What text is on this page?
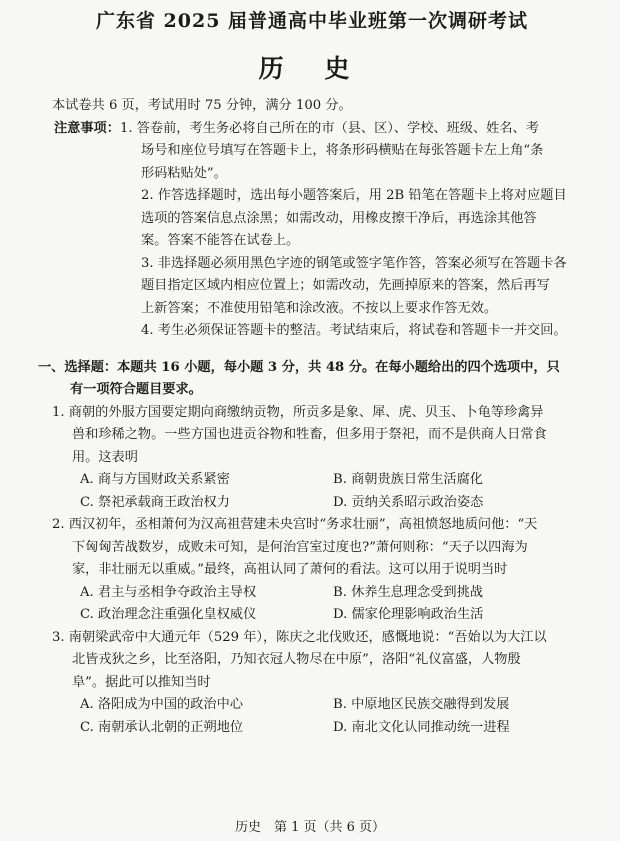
广东省 2025 届普通高中毕业班第一次调研考试
历 史
本试卷共 6 页，考试用时 75 分钟，满分 100 分。
注意事项：1. 答卷前，考生务必将自己所在的市（县、区）、学校、班级、姓名、考
场号和座位号填写在答题卡上，将条形码横贴在每张答题卡左上角“条
形码粘贴处”。
2. 作答选择题时，选出每小题答案后，用 2B 铅笔在答题卡上将对应题目
选项的答案信息点涂黑；如需改动，用橡皮擦干净后，再选涂其他答
案。答案不能答在试卷上。
3. 非选择题必须用黑色字迹的钢笔或签字笔作答，答案必须写在答题卡各
题目指定区域内相应位置上；如需改动，先画掉原来的答案，然后再写
上新答案；不准使用铅笔和涂改液。不按以上要求作答无效。
4. 考生必须保证答题卡的整洁。考试结束后，将试卷和答题卡一并交回。
一、选择题：本题共 16 小题，每小题 3 分，共 48 分。在每小题给出的四个选项中，只
有一项符合题目要求。
1. 商朝的外服方国要定期向商缴纳贡物，所贡多是象、犀、虎、贝玉、卜龟等珍禽异
兽和珍稀之物。一些方国也进贡谷物和牲畜，但多用于祭祀，而不是供商人日常食
用。这表明
A. 商与方国财政关系紧密	B. 商朝贵族日常生活腐化
C. 祭祀承载商王政治权力	D. 贡纳关系昭示政治姿态
2. 西汉初年，丞相萧何为汉高祖营建未央宫时“务求壮丽”，高祖愤怒地质问他：“天
下匈匈苦战数岁，成败未可知，是何治宫室过度也?”萧何则称：“天子以四海为
家，非壮丽无以重威。”最终，高祖认同了萧何的看法。这可以用于说明当时
A. 君主与丞相争夺政治主导权	B. 休养生息理念受到挑战
C. 政治理念注重强化皇权威仪	D. 儒家伦理影响政治生活
3. 南朝梁武帝中大通元年（529 年），陈庆之北伐败还，感慨地说：“吾始以为大江以
北皆戎狄之乡，比至洛阳，乃知衣冠人物尽在中原”，洛阳“礼仪富盛，人物殷
阜”。据此可以推知当时
A. 洛阳成为中国的政治中心	B. 中原地区民族交融得到发展
C. 南朝承认北朝的正朔地位	D. 南北文化认同推动统一进程
历史　第 1 页（共 6 页）
